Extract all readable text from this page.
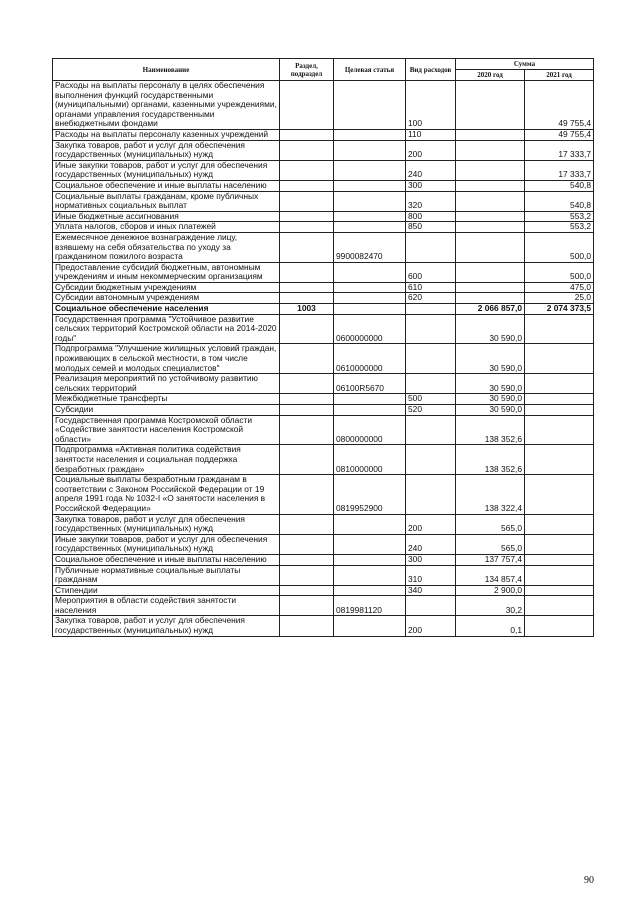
Наименование	Раздел, подраздел	Целевая статья	Вид расходов	Сумма	
				2020 год	2021 год
Расходы на выплаты персоналу в целях обеспечения выполнения функций государственными (муниципальными) органами, казенными учреждениями, органами управления государственными внебюджетными фондами			100		49 755,4
Расходы на выплаты персоналу казенных учреждений			110		49 755,4
Закупка товаров, работ и услуг для обеспечения государственных (муниципальных) нужд			200		17 333,7
Иные закупки товаров, работ и услуг для обеспечения государственных (муниципальных) нужд			240		17 333,7
Социальное обеспечение и иные выплаты населению			300		540,8
Социальные выплаты гражданам, кроме публичных нормативных социальных выплат			320		540,8
Иные бюджетные ассигнования			800		553,2
Уплата налогов, сборов и иных платежей			850		553,2
Ежемесячное денежное вознаграждение лицу, взявшему на себя обязательства по уходу за гражданином пожилого возраста		9900082470			500,0
Предоставление субсидий бюджетным, автономным учреждениям и иным некоммерческим организациям			600		500,0
Субсидии бюджетным учреждениям			610		475,0
Субсидии автономным учреждениям			620		25,0
Социальное обеспечение населения	1003			2 066 857,0	2 074 373,5
Государственная программа "Устойчивое развитие сельских территорий Костромской области на 2014-2020 годы"		0600000000		30 590,0	
Подпрограмма "Улучшение жилищных условий граждан, проживающих в сельской местности, в том числе молодых семей и молодых специалистов"		0610000000		30 590,0	
Реализация мероприятий по устойчивому развитию сельских территорий		06100R5670		30 590,0	
Межбюджетные трансферты			500	30 590,0	
Субсидии			520	30 590,0	
Государственная программа Костромской области «Содействие занятости населения Костромской области»		0800000000		138 352,6	
Подпрограмма «Активная политика содействия занятости населения и социальная поддержка безработных граждан»		0810000000		138 352,6	
Социальные выплаты безработным гражданам в соответствии с Законом Российской Федерации от 19 апреля 1991 года № 1032-I «О занятости населения в Российской Федерации»		0819952900		138 322,4	
Закупка товаров, работ и услуг для обеспечения государственных (муниципальных) нужд			200	565,0	
Иные закупки товаров, работ и услуг для обеспечения государственных (муниципальных) нужд			240	565,0	
Социальное обеспечение и иные выплаты населению			300	137 757,4	
Публичные нормативные социальные выплаты гражданам			310	134 857,4	
Стипендии			340	2 900,0	
Мероприятия в области содействия занятости населения		0819981120		30,2	
Закупка товаров, работ и услуг для обеспечения государственных (муниципальных) нужд			200	0,1	
90
